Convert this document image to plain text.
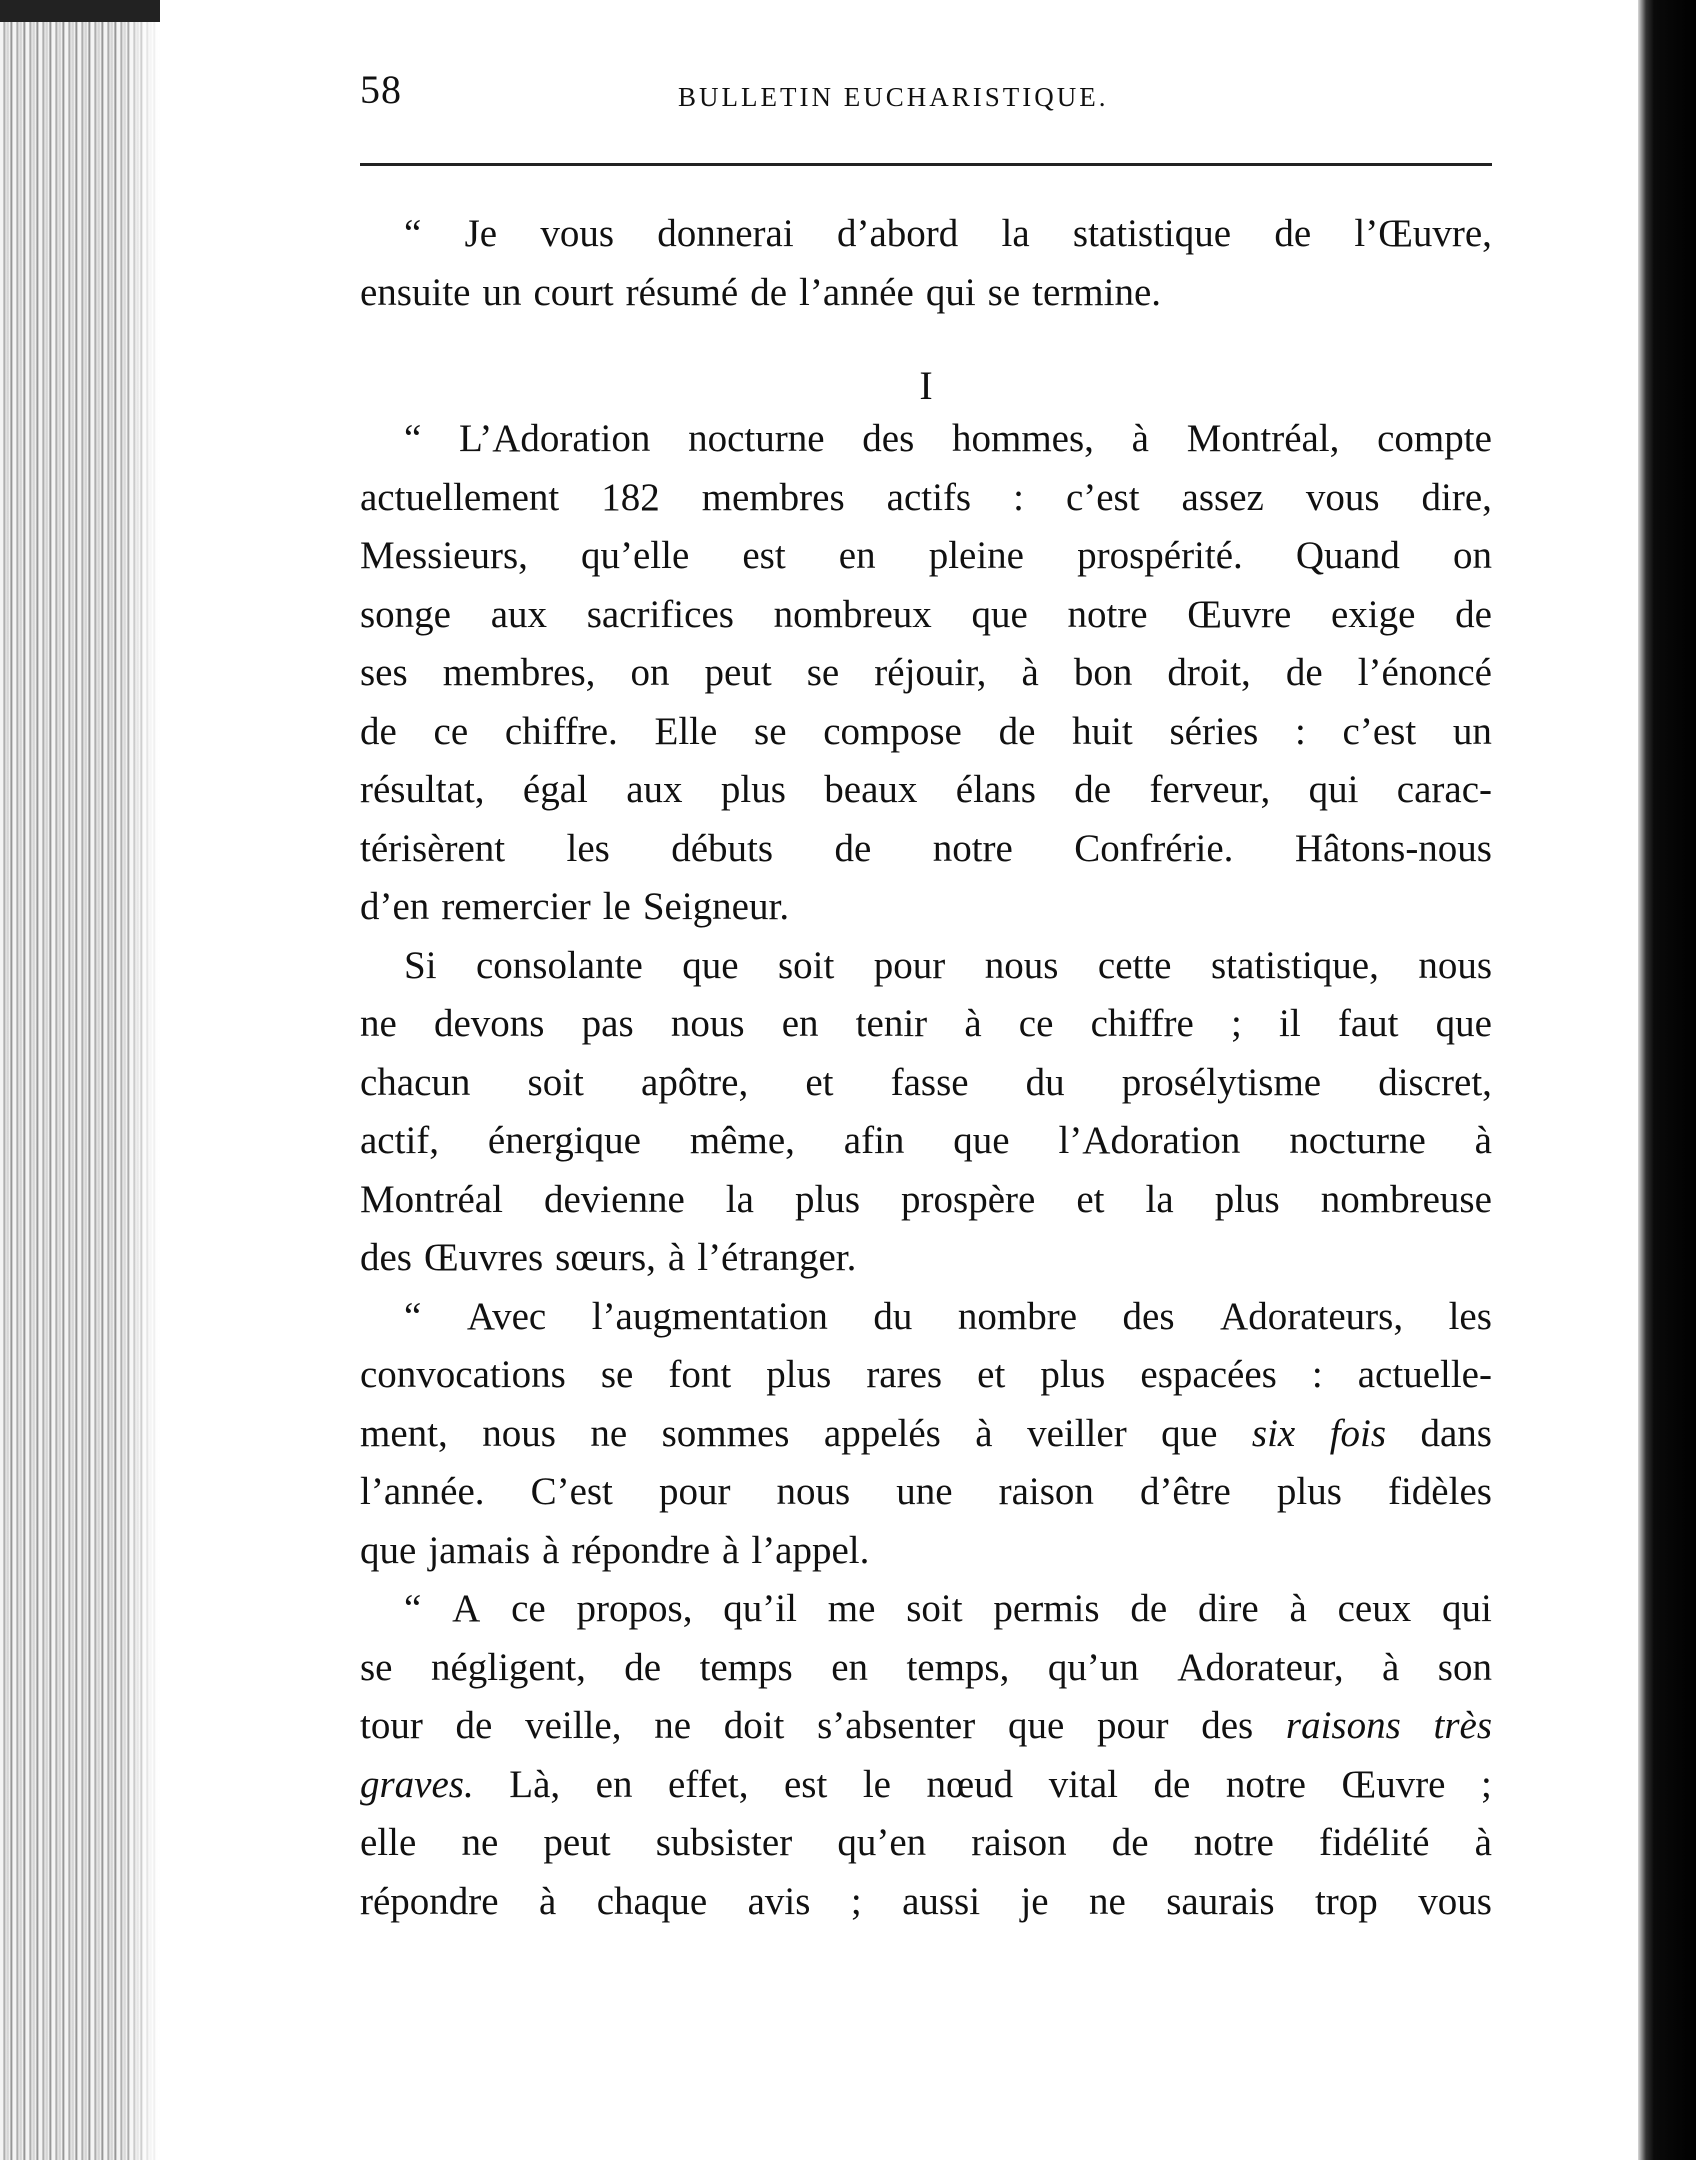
58	BULLETIN EUCHARISTIQUE.
I
“ Je vous donnerai d’abord la statistique de l’Œuvre,
ensuite un court résumé de l’année qui se termine.
“ L’Adoration nocturne des hommes, à Montréal, compte
actuellement 182 membres actifs : c’est assez vous dire,
Messieurs, qu’elle est en pleine prospérité. Quand on
songe aux sacrifices nombreux que notre Œuvre exige de
ses membres, on peut se réjouir, à bon droit, de l’énoncé
de ce chiffre. Elle se compose de huit séries : c’est un
résultat, égal aux plus beaux élans de ferveur, qui carac-
térisèrent les débuts de notre Confrérie. Hâtons-nous
d’en remercier le Seigneur.
Si consolante que soit pour nous cette statistique, nous
ne devons pas nous en tenir à ce chiffre ; il faut que
chacun soit apôtre, et fasse du prosélytisme discret,
actif, énergique même, afin que l’Adoration nocturne à
Montréal devienne la plus prospère et la plus nombreuse
des Œuvres sœurs, à l’étranger.
“ Avec l’augmentation du nombre des Adorateurs, les
convocations se font plus rares et plus espacées : actuelle-
ment, nous ne sommes appelés à veiller que six fois dans
l’année. C’est pour nous une raison d’être plus fidèles
que jamais à répondre à l’appel.
“ A ce propos, qu’il me soit permis de dire à ceux qui
se négligent, de temps en temps, qu’un Adorateur, à son
tour de veille, ne doit s’absenter que pour des raisons très
graves. Là, en effet, est le nœud vital de notre Œuvre ;
elle ne peut subsister qu’en raison de notre fidélité à
répondre à chaque avis ; aussi je ne saurais trop vous
